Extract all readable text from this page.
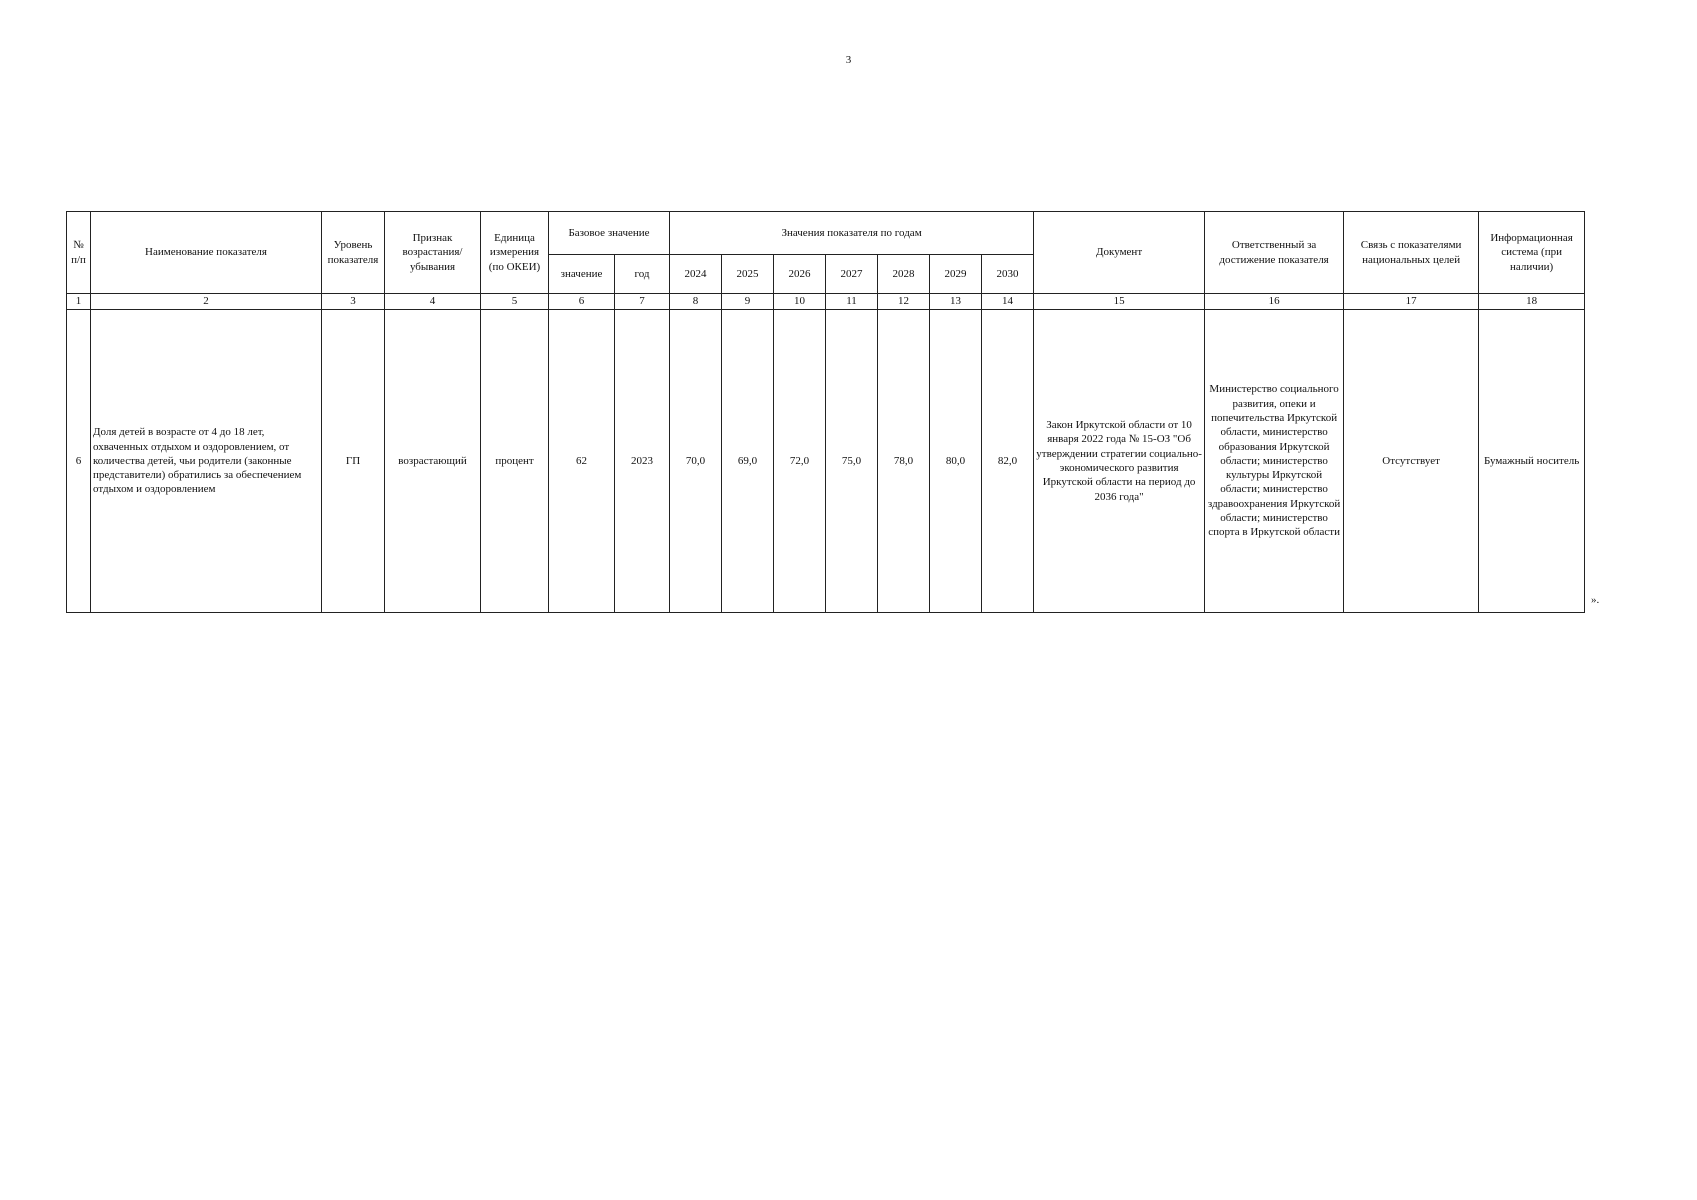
3
№ п/п	Наименование показателя	Уровень показателя	Признак возрастания/убывания	Единица измерения (по ОКЕИ)	Базовое значение		Значения показателя по годам							Документ	Ответственный за достижение показателя	Связь с показателями национальных целей	Информационная система (при наличии)
					значение	год	2024	2025	2026	2027	2028	2029	2030				
1	2	3	4	5	6	7	8	9	10	11	12	13	14	15	16	17	18
6	Доля детей в возрасте от 4 до 18 лет, охваченных отдыхом и оздоровлением, от количества детей, чьи родители (законные представители) обратились за обеспечением отдыхом и оздоровлением	ГП	возрастающий	процент	62	2023	70,0	69,0	72,0	75,0	78,0	80,0	82,0	Закон Иркутской области от 10 января 2022 года № 15-ОЗ "Об утверждении стратегии социально-экономического развития Иркутской области на период до 2036 года"	Министерство социального развития, опеки и попечительства Иркутской области, министерство образования Иркутской области; министерство культуры Иркутской области; министерство здравоохранения Иркутской области; министерство спорта в Иркутской области	Отсутствует	Бумажный носитель
».
